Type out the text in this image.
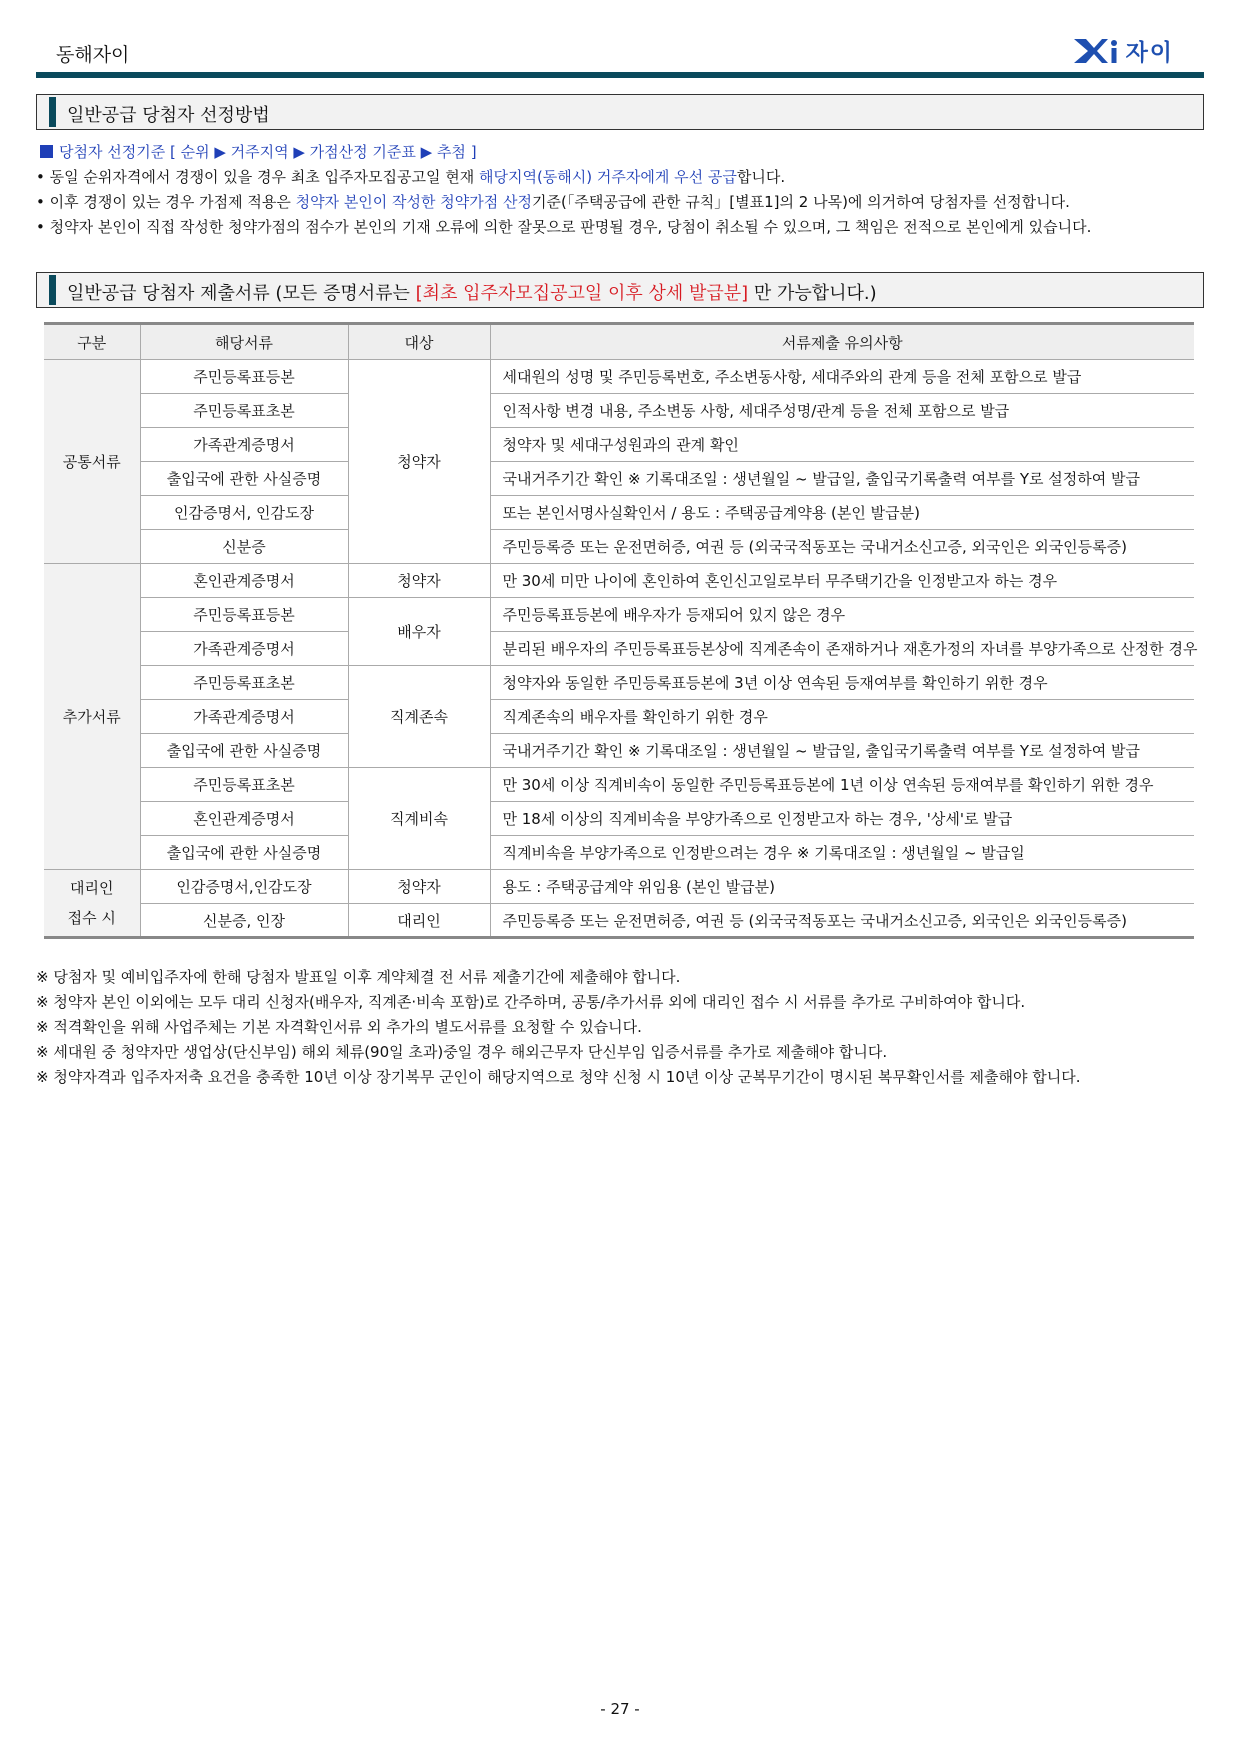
동해자이	자이
일반공급 당첨자 선정방법
당첨자 선정기준 [ 순위 ▶ 거주지역 ▶ 가점산정 기준표 ▶ 추첨 ]
• 동일 순위자격에서 경쟁이 있을 경우 최초 입주자모집공고일 현재 해당지역(동해시) 거주자에게 우선 공급합니다.
• 이후 경쟁이 있는 경우 가점제 적용은 청약자 본인이 작성한 청약가점 산정기준(「주택공급에 관한 규칙」[별표1]의 2 나목)에 의거하여 당첨자를 선정합니다.
• 청약자 본인이 직접 작성한 청약가점의 점수가 본인의 기재 오류에 의한 잘못으로 판명될 경우, 당첨이 취소될 수 있으며, 그 책임은 전적으로 본인에게 있습니다.
일반공급 당첨자 제출서류 (모든 증명서류는 [최초 입주자모집공고일 이후 상세 발급분] 만 가능합니다.)
구분	해당서류	대상	서류제출 유의사항
공통서류	주민등록표등본	청약자	세대원의 성명 및 주민등록번호, 주소변동사항, 세대주와의 관계 등을 전체 포함으로 발급
	주민등록표초본		인적사항 변경 내용, 주소변동 사항, 세대주성명/관계 등을 전체 포함으로 발급
	가족관계증명서		청약자 및 세대구성원과의 관계 확인
	출입국에 관한 사실증명		국내거주기간 확인 ※ 기록대조일 : 생년월일 ~ 발급일, 출입국기록출력 여부를 Y로 설정하여 발급
	인감증명서, 인감도장		또는 본인서명사실확인서 / 용도 : 주택공급계약용 (본인 발급분)
	신분증		주민등록증 또는 운전면허증, 여권 등 (외국국적동포는 국내거소신고증, 외국인은 외국인등록증)
추가서류	혼인관계증명서	청약자	만 30세 미만 나이에 혼인하여 혼인신고일로부터 무주택기간을 인정받고자 하는 경우
	주민등록표등본	배우자	주민등록표등본에 배우자가 등재되어 있지 않은 경우
	가족관계증명서		분리된 배우자의 주민등록표등본상에 직계존속이 존재하거나 재혼가정의 자녀를 부양가족으로 산정한 경우
	주민등록표초본	직계존속	청약자와 동일한 주민등록표등본에 3년 이상 연속된 등재여부를 확인하기 위한 경우
	가족관계증명서		직계존속의 배우자를 확인하기 위한 경우
	출입국에 관한 사실증명		국내거주기간 확인 ※ 기록대조일 : 생년월일 ~ 발급일, 출입국기록출력 여부를 Y로 설정하여 발급
	주민등록표초본	직계비속	만 30세 이상 직계비속이 동일한 주민등록표등본에 1년 이상 연속된 등재여부를 확인하기 위한 경우
	혼인관계증명서		만 18세 이상의 직계비속을 부양가족으로 인정받고자 하는 경우, '상세'로 발급
	출입국에 관한 사실증명		직계비속을 부양가족으로 인정받으려는 경우 ※ 기록대조일 : 생년월일 ~ 발급일
대리인
접수 시	인감증명서,인감도장	청약자	용도 : 주택공급계약 위임용 (본인 발급분)
	신분증, 인장	대리인	주민등록증 또는 운전면허증, 여권 등 (외국국적동포는 국내거소신고증, 외국인은 외국인등록증)
※ 당첨자 및 예비입주자에 한해 당첨자 발표일 이후 계약체결 전 서류 제출기간에 제출해야 합니다.
※ 청약자 본인 이외에는 모두 대리 신청자(배우자, 직계존·비속 포함)로 간주하며, 공통/추가서류 외에 대리인 접수 시 서류를 추가로 구비하여야 합니다.
※ 적격확인을 위해 사업주체는 기본 자격확인서류 외 추가의 별도서류를 요청할 수 있습니다.
※ 세대원 중 청약자만 생업상(단신부임) 해외 체류(90일 초과)중일 경우 해외근무자 단신부임 입증서류를 추가로 제출해야 합니다.
※ 청약자격과 입주자저축 요건을 충족한 10년 이상 장기복무 군인이 해당지역으로 청약 신청 시 10년 이상 군복무기간이 명시된 복무확인서를 제출해야 합니다.
- 27 -
